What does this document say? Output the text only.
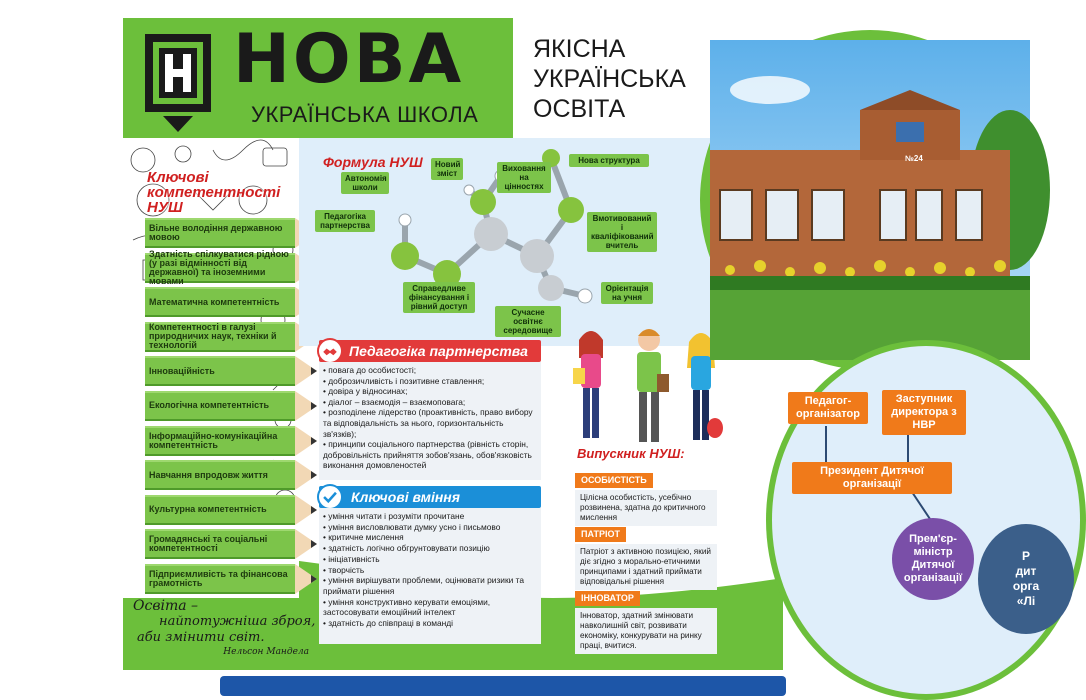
НОВА
УКРАЇНСЬКА ШКОЛА
ЯКІСНА
УКРАЇНСЬКА
ОСВІТА
Ключові
компетентності
НУШ
Вільне володіння державною мовою
Здатність спілкуватися рідною (у разі відмінності від державної) та іноземними мовами
Математична компетентність
Компетентності в галузі природничих наук, техніки й технологій
Інноваційність
Екологічна компетентність
Інформаційно-комунікаційна компетентність
Навчання впродовж життя
Культурна компетентність
Громадянські та соціальні компетентності
Підприємливість та фінансова грамотність
Формула НУШ
Автономія школи
Новий зміст
Виховання на цінностях
Нова структура
Педагогіка партнерства
Вмотивований і кваліфікований вчитель
Справедливе фінансування і рівний доступ
Сучасне освітнє середовище
Орієнтація на учня
Педагогіка партнерства
• повага до особистості;
• доброзичливість і позитивне ставлення;
• довіра у відносинах;
• діалог – взаємодія – взаємоповага;
• розподілене лідерство (проактивність, право вибору та відповідальність за нього, горизонтальність зв'язків);
• принципи соціального партнерства (рівність сторін, добровільність прийняття зобов'язань, обов'язковість виконання домовленостей
Ключові вміння
• уміння читати і розуміти прочитане
• уміння висловлювати думку усно і письмово
• критичне мислення
• здатність логічно обгрунтовувати позицію
• ініціативність
• творчість
• уміння вирішувати проблеми, оцінювати ризики та приймати рішення
• уміння конструктивно керувати емоціями, застосовувати емоційний інтелект
• здатність до співпраці в команді
Випускник НУШ:
ОСОБИСТІСТЬ
Цілісна особистість, усебічно розвинена, здатна до критичного мислення
ПАТРІОТ
Патріот з активною позицією, який діє згідно з морально-етичними принципами і здатний приймати відповідальні рішення
ІННОВАТОР
Інноватор, здатний змінювати навколишній світ, розвивати економіку, конкурувати на ринку праці, вчитися.
Освіта –
найпотужніша зброя,
аби змінити світ.
Нельсон Мандела
№24
Педагог-організатор
Заступник директора з НВР
Президент Дитячої організації
Прем'єр-міністр Дитячої організації
Р
дит
орга
«Лі
